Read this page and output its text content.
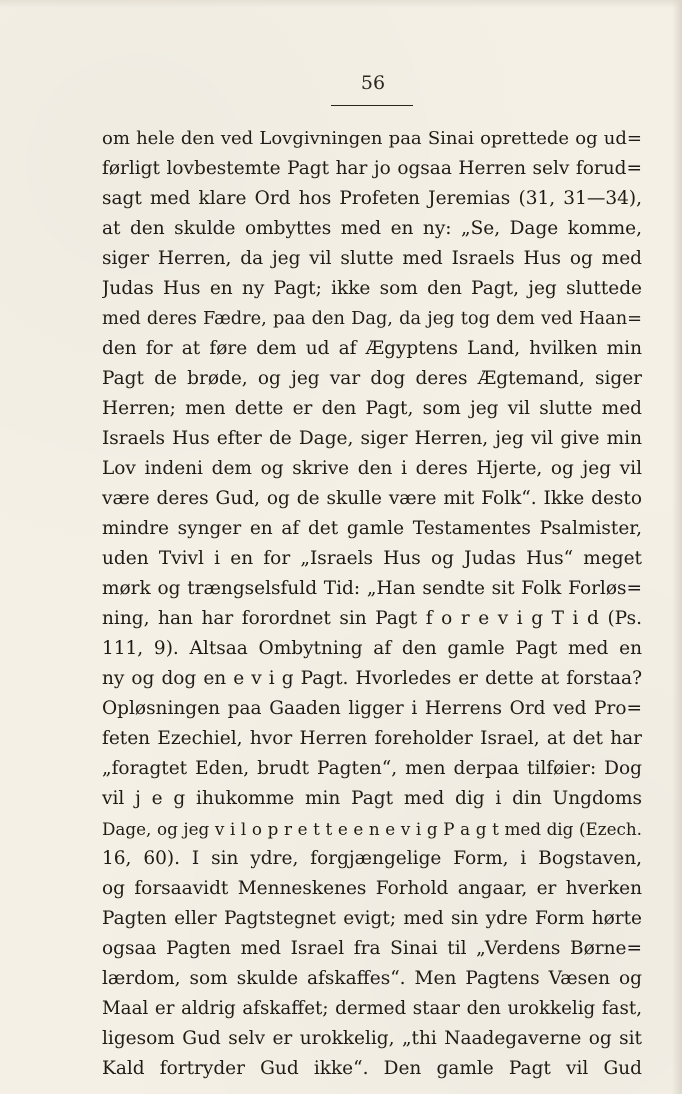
56
om hele den ved Lovgivningen paa Sinai oprettede og ud=
førligt lovbestemte Pagt har jo ogsaa Herren selv forud=
sagt med klare Ord hos Profeten Jeremias (31, 31—34),
at den skulde ombyttes med en ny: „Se, Dage komme,
siger Herren, da jeg vil slutte med Israels Hus og med
Judas Hus en ny Pagt; ikke som den Pagt, jeg sluttede
med deres Fædre, paa den Dag, da jeg tog dem ved Haan=
den for at føre dem ud af Ægyptens Land, hvilken min
Pagt de brøde, og jeg var dog deres Ægtemand, siger
Herren; men dette er den Pagt, som jeg vil slutte med
Israels Hus efter de Dage, siger Herren, jeg vil give min
Lov indeni dem og skrive den i deres Hjerte, og jeg vil
være deres Gud, og de skulle være mit Folk“. Ikke desto
mindre synger en af det gamle Testamentes Psalmister,
uden Tvivl i en for „Israels Hus og Judas Hus“ meget
mørk og trængselsfuld Tid: „Han sendte sit Folk Forløs=
ning, han har forordnet sin Pagt f o r e v i g T i d (Ps.
111, 9). Altsaa Ombytning af den gamle Pagt med en
ny og dog en e v i g Pagt. Hvorledes er dette at forstaa?
Opløsningen paa Gaaden ligger i Herrens Ord ved Pro=
feten Ezechiel, hvor Herren foreholder Israel, at det har
„foragtet Eden, brudt Pagten“, men derpaa tilføier: Dog
vil j e g ihukomme min Pagt med dig i din Ungdoms
Dage, og jeg v i l o p r e t t e e n e v i g P a g t med dig (Ezech.
16, 60). I sin ydre, forgjængelige Form, i Bogstaven,
og forsaavidt Menneskenes Forhold angaar, er hverken
Pagten eller Pagtstegnet evigt; med sin ydre Form hørte
ogsaa Pagten med Israel fra Sinai til „Verdens Børne=
lærdom, som skulde afskaffes“. Men Pagtens Væsen og
Maal er aldrig afskaffet; dermed staar den urokkelig fast,
ligesom Gud selv er urokkelig, „thi Naadegaverne og sit
Kald fortryder Gud ikke“. Den gamle Pagt vil Gud
